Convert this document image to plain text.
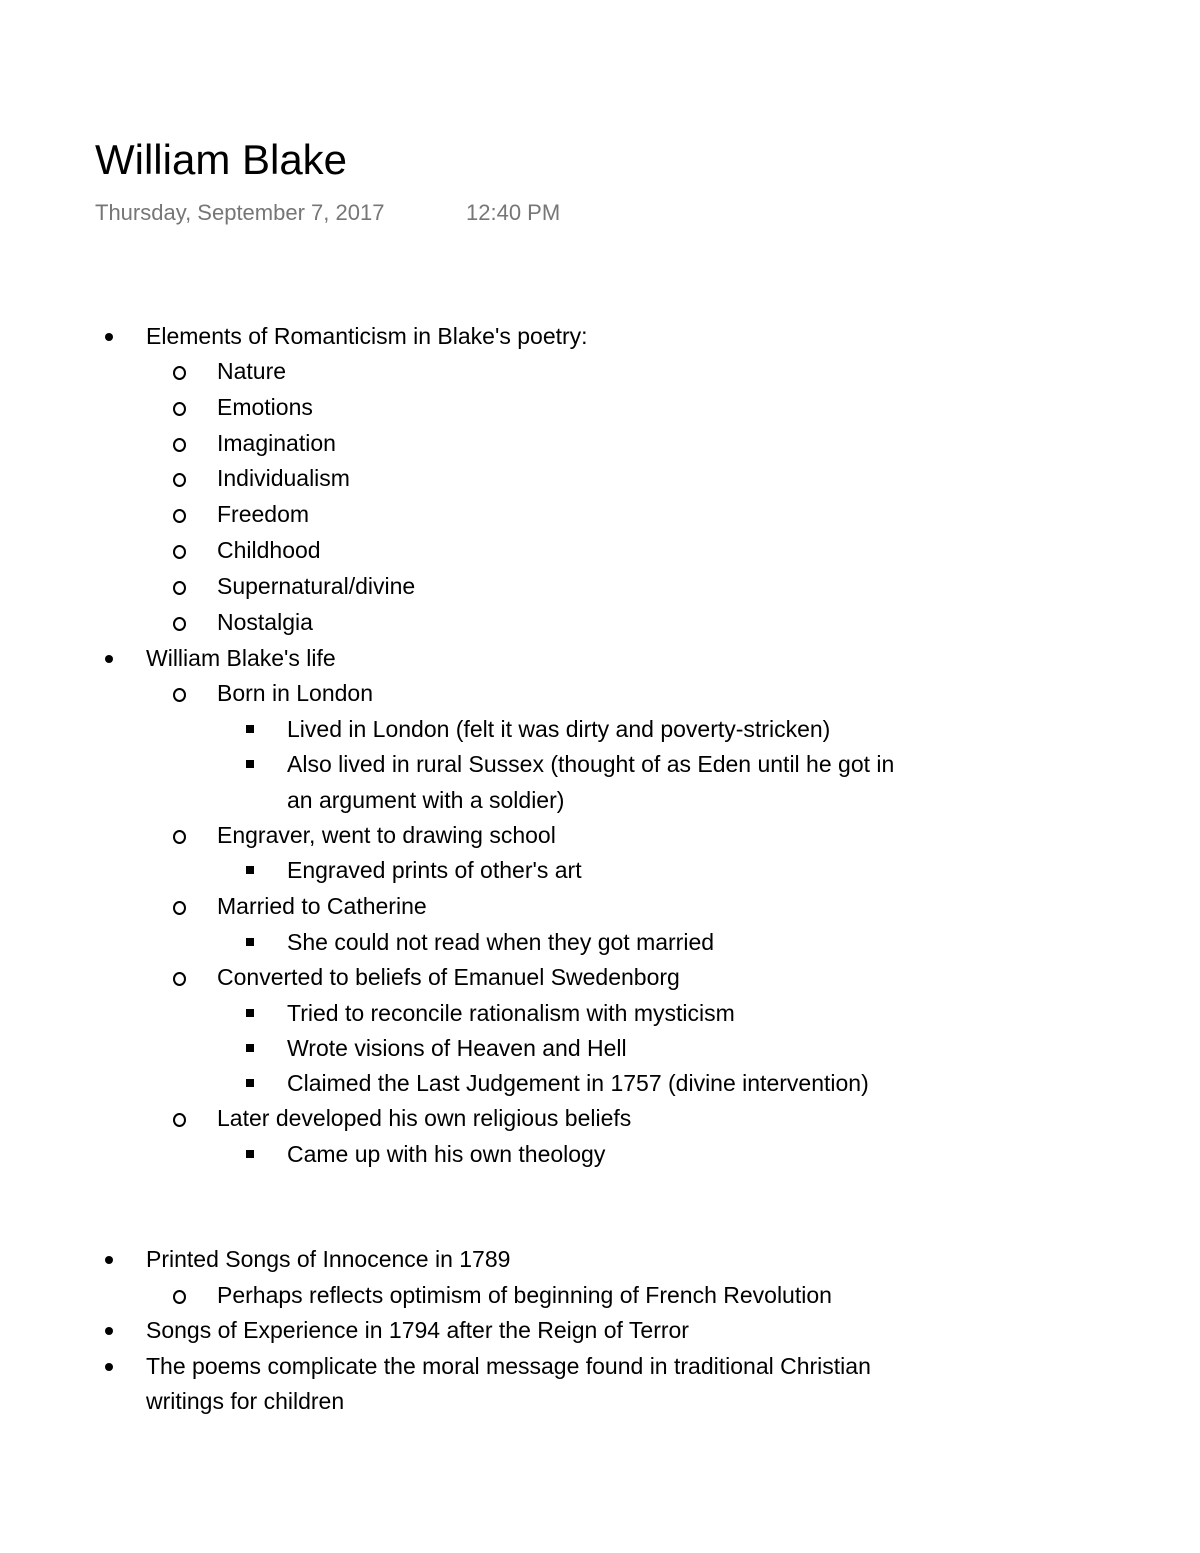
William Blake
Thursday, September 7, 2017	12:40 PM
Elements of Romanticism in Blake's poetry:
Nature
Emotions
Imagination
Individualism
Freedom
Childhood
Supernatural/divine
Nostalgia
William Blake's life
Born in London
Lived in London (felt it was dirty and poverty-stricken)
Also lived in rural Sussex (thought of as Eden until he got in
an argument with a soldier)
Engraver, went to drawing school
Engraved prints of other's art
Married to Catherine
She could not read when they got married
Converted to beliefs of Emanuel Swedenborg
Tried to reconcile rationalism with mysticism
Wrote visions of Heaven and Hell
Claimed the Last Judgement in 1757 (divine intervention)
Later developed his own religious beliefs
Came up with his own theology
Printed Songs of Innocence in 1789
Perhaps reflects optimism of beginning of French Revolution
Songs of Experience in 1794 after the Reign of Terror
The poems complicate the moral message found in traditional Christian
writings for children
